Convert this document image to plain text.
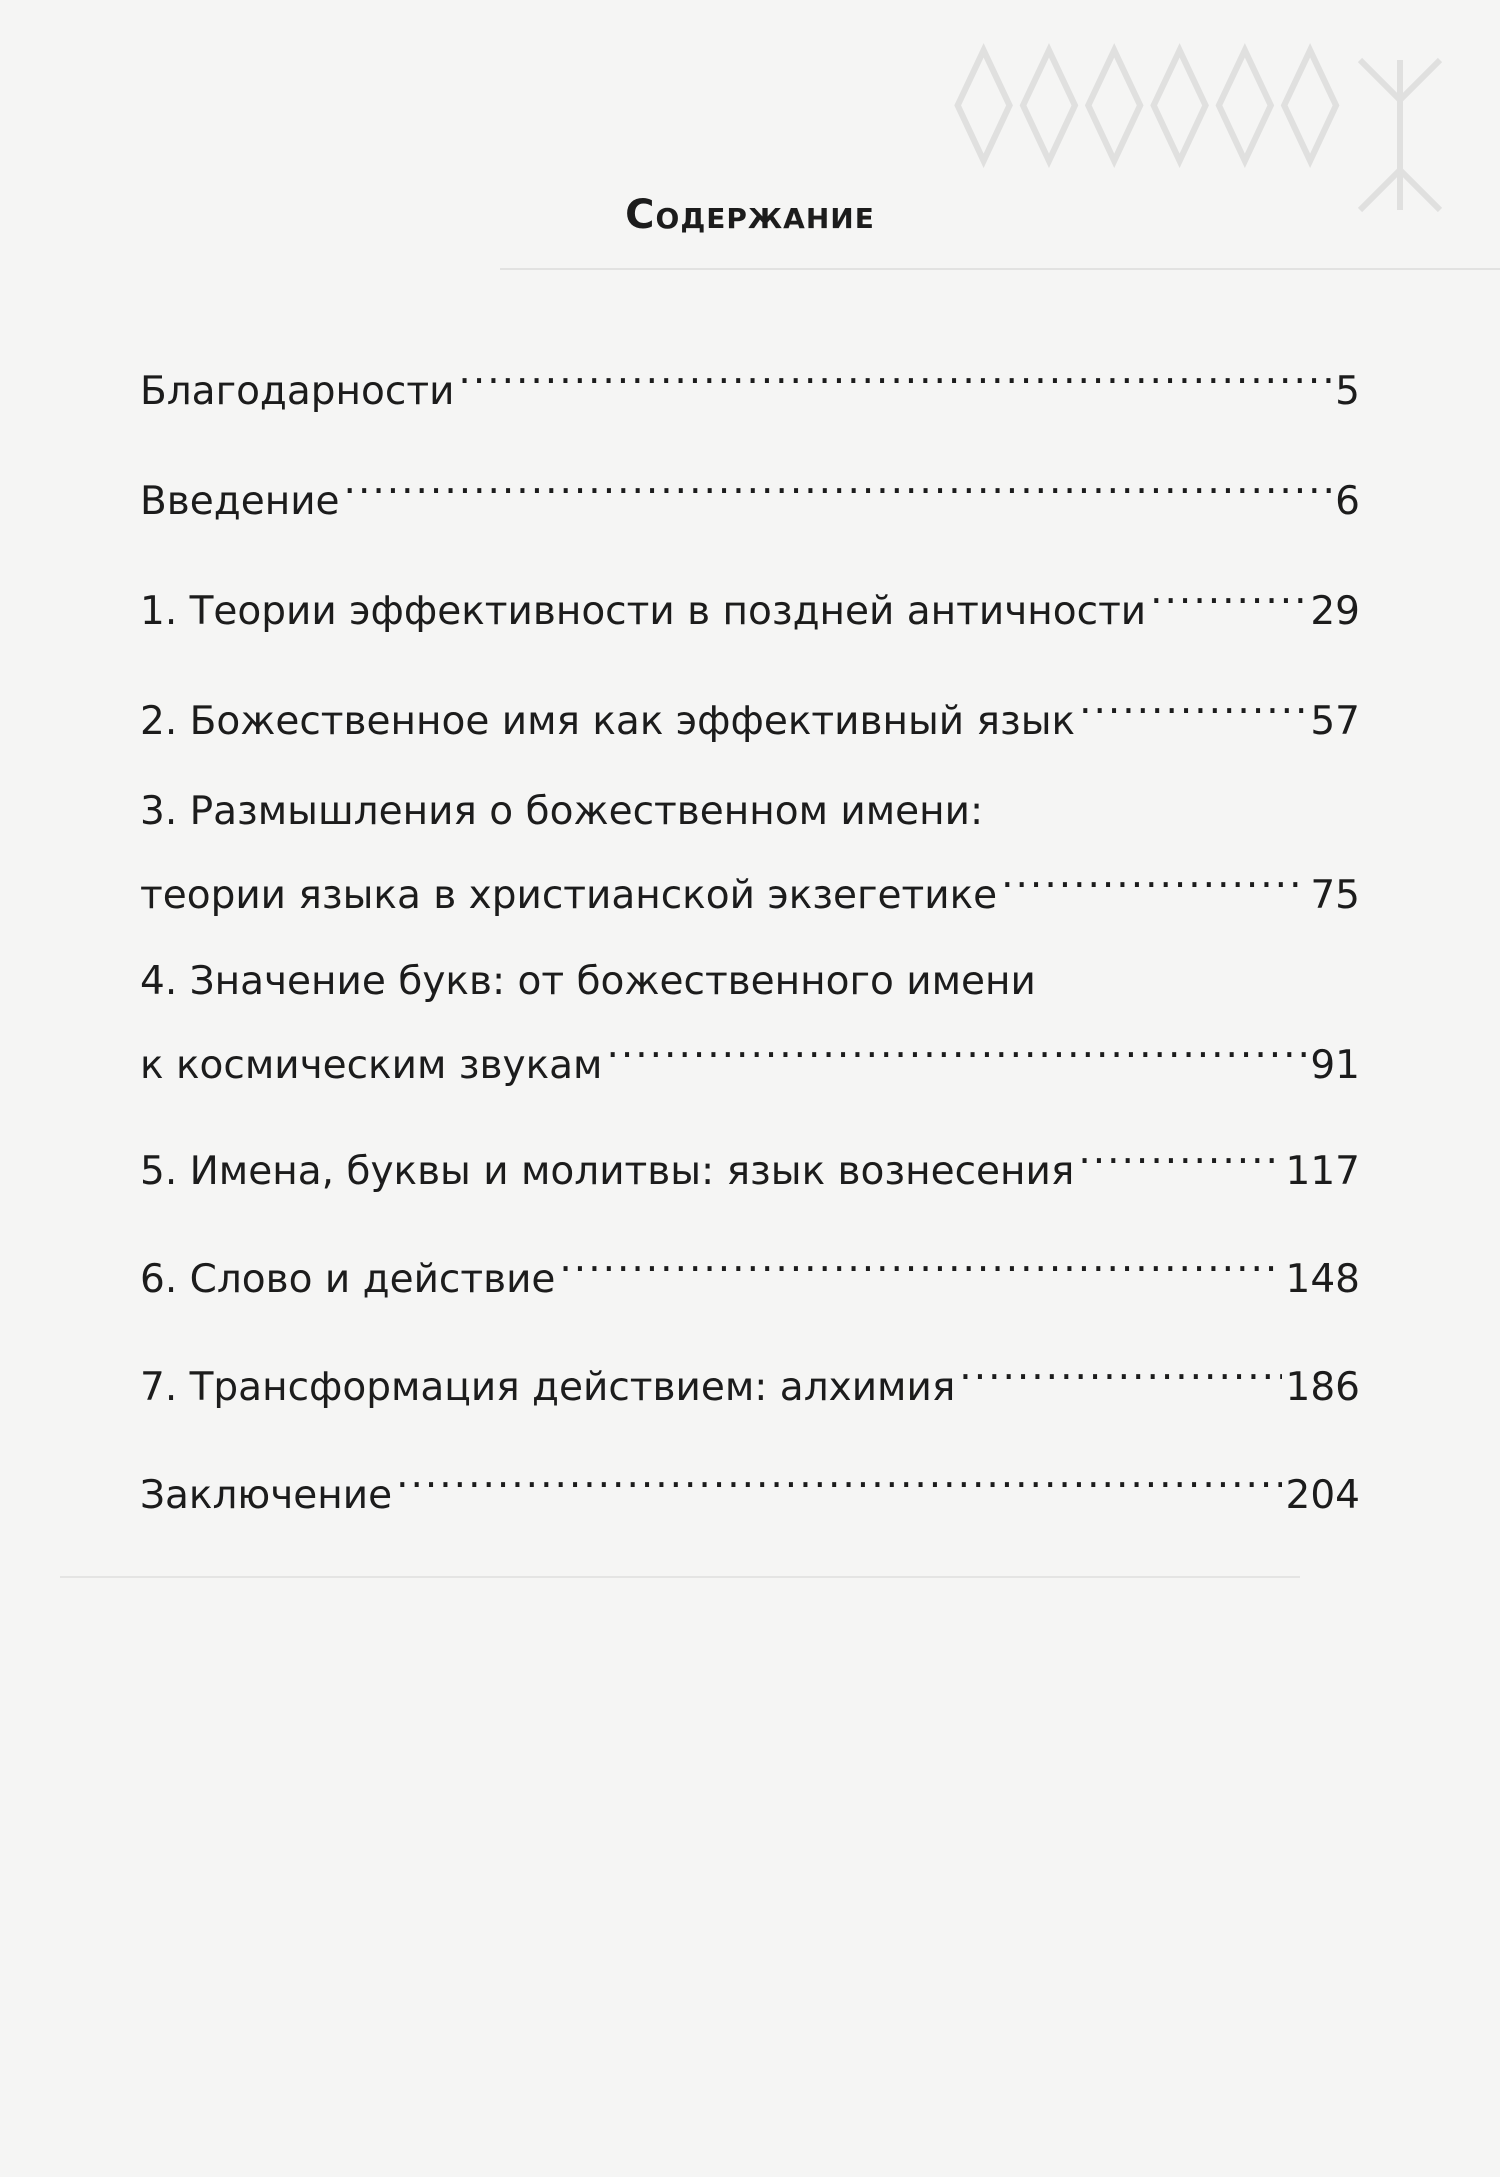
◊◊◊◊◊◊
Содержание
Благодарности .....	5
Введение .....	6
1. Теории эффективности в поздней античности .....	29
2. Божественное имя как эффективный язык .....	57
3. Размышления о божественном имени:
теории языка в христианской экзегетике .....	75
4. Значение букв: от божественного имени
к космическим звукам .....	91
5. Имена, буквы и молитвы: язык вознесения .....	117
6. Слово и действие .....	148
7. Трансформация действием: алхимия .....	186
Заключение .....	204
